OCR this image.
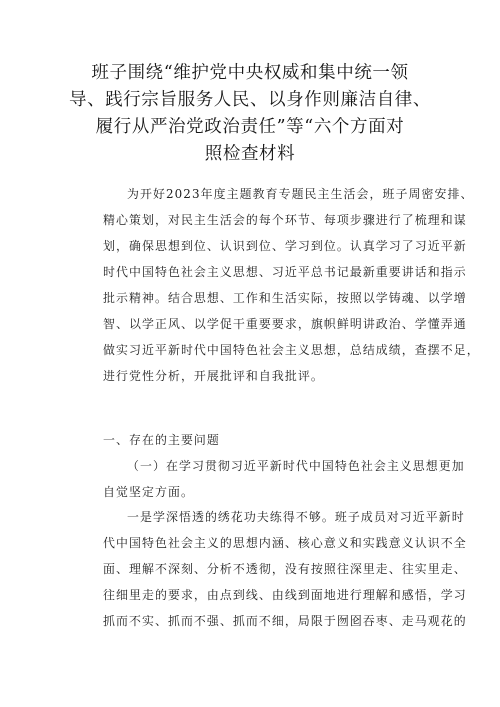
班子围绕“维护党中央权威和集中统一领
导、践行宗旨服务人民、以身作则廉洁自律、
履行从严治党政治责任”等“六个方面对
照检查材料
为开好2023年度主题教育专题民主生活会，班子周密安排、
精心策划，对民主生活会的每个环节、每项步骤进行了梳理和谋
划，确保思想到位、认识到位、学习到位。认真学习了习近平新
时代中国特色社会主义思想、习近平总书记最新重要讲话和指示
批示精神。结合思想、工作和生活实际，按照以学铸魂、以学增
智、以学正风、以学促干重要要求，旗帜鲜明讲政治、学懂弄通
做实习近平新时代中国特色社会主义思想，总结成绩，查摆不足，
进行党性分析，开展批评和自我批评。
一、存在的主要问题
（一）在学习贯彻习近平新时代中国特色社会主义思想更加
自觉坚定方面。
一是学深悟透的绣花功夫练得不够。班子成员对习近平新时
代中国特色社会主义的思想内涵、核心意义和实践意义认识不全
面、理解不深刻、分析不透彻，没有按照往深里走、往实里走、
往细里走的要求，由点到线、由线到面地进行理解和感悟，学习
抓而不实、抓而不强、抓而不细，局限于囫囵吞枣、走马观花的
